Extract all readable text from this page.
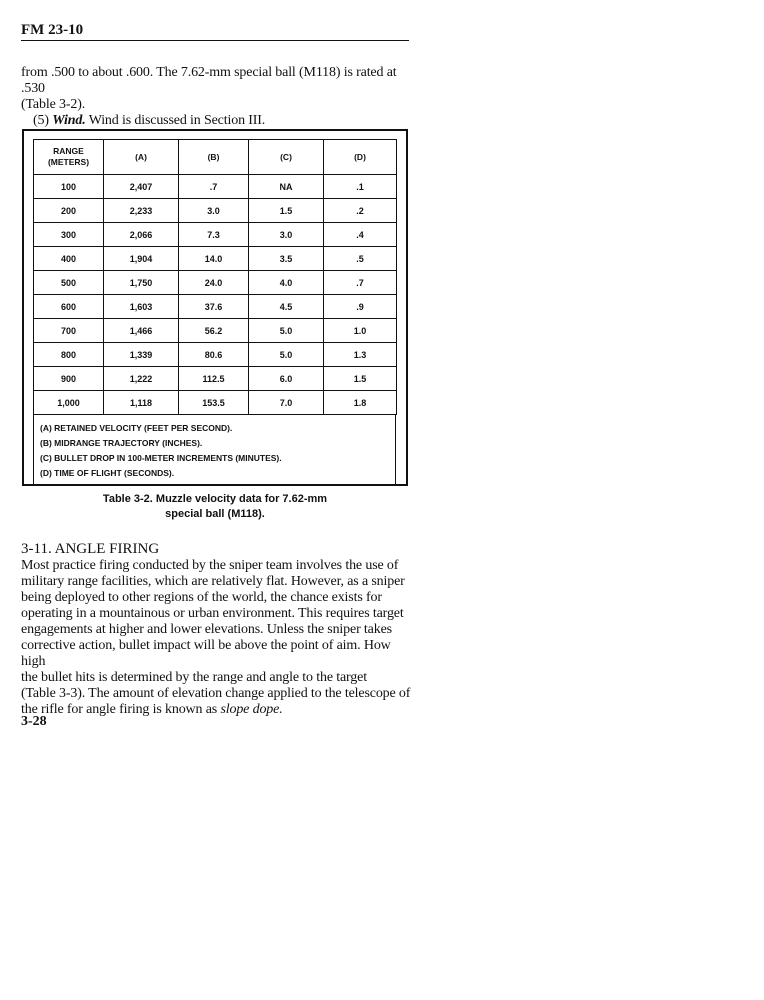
FM 23-10
from .500 to about .600. The 7.62-mm special ball (M118) is rated at .530
(Table 3-2).
(5) Wind. Wind is discussed in Section III.
RANGE
(METERS)	(A)	(B)	(C)	(D)
100	2,407	.7	NA	.1
200	2,233	3.0	1.5	.2
300	2,066	7.3	3.0	.4
400	1,904	14.0	3.5	.5
500	1,750	24.0	4.0	.7
600	1,603	37.6	4.5	.9
700	1,466	56.2	5.0	1.0
800	1,339	80.6	5.0	1.3
900	1,222	112.5	6.0	1.5
1,000	1,118	153.5	7.0	1.8
(A) RETAINED VELOCITY (FEET PER SECOND).
(B) MIDRANGE TRAJECTORY (INCHES).
(C) BULLET DROP IN 100-METER INCREMENTS (MINUTES).
(D) TIME OF FLIGHT (SECONDS).
Table 3-2. Muzzle velocity data for 7.62-mm
special ball (M118).
3-11. ANGLE FIRING
Most practice firing conducted by the sniper team involves the use of
military range facilities, which are relatively flat. However, as a sniper
being deployed to other regions of the world, the chance exists for
operating in a mountainous or urban environment. This requires target
engagements at higher and lower elevations. Unless the sniper takes
corrective action, bullet impact will be above the point of aim. How high
the bullet hits is determined by the range and angle to the target
(Table 3-3). The amount of elevation change applied to the telescope of
the rifle for angle firing is known as slope dope.
3-28
